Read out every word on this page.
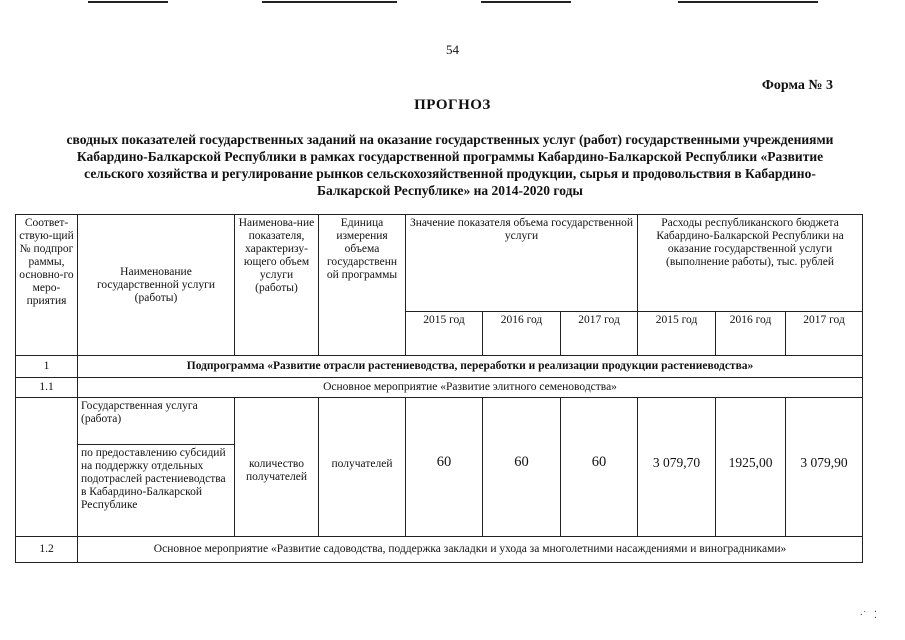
54
Форма № 3
ПРОГНОЗ
сводных показателей государственных заданий на оказание государственных услуг (работ) государственными учреждениями Кабардино-Балкарской Республики в рамках государственной программы Кабардино-Балкарской Республики «Развитие сельского хозяйства и регулирование рынков сельскохозяйственной продукции, сырья и продовольствия в Кабардино-Балкарской Республике» на 2014-2020 годы
Соответ-ствую-щий № подпрог раммы, основно-го меро-приятия	Наименование государственной услуги (работы)	Наименова-ние показателя, характеризу-ющего объем услуги (работы)	Единица измерения объема государственн ой программы	Значение показателя объема государственной услуги			Расходы республиканского бюджета Кабардино-Балкарской Республики на оказание государственной услуги (выполнение работы), тыс. рублей		
				2015 год	2016 год	2017 год	2015 год	2016 год	2017 год
1	Подпрограмма «Развитие отрасли растениеводства, переработки и реализации продукции растениеводства»								
1.1	Основное мероприятие «Развитие элитного семеноводства»								
	Государственная услуга (работа)	количество получателей	получателей	60	60	60	3 079,70	1925,00	3 079,90
	по предоставлению субсидий на поддержку отдельных подотраслей растениеводства в Кабардино-Балкарской Республике								
1.2	Основное мероприятие «Развитие садоводства, поддержка закладки и ухода за многолетними насаждениями и виноградниками»								
·˙   ⁚
